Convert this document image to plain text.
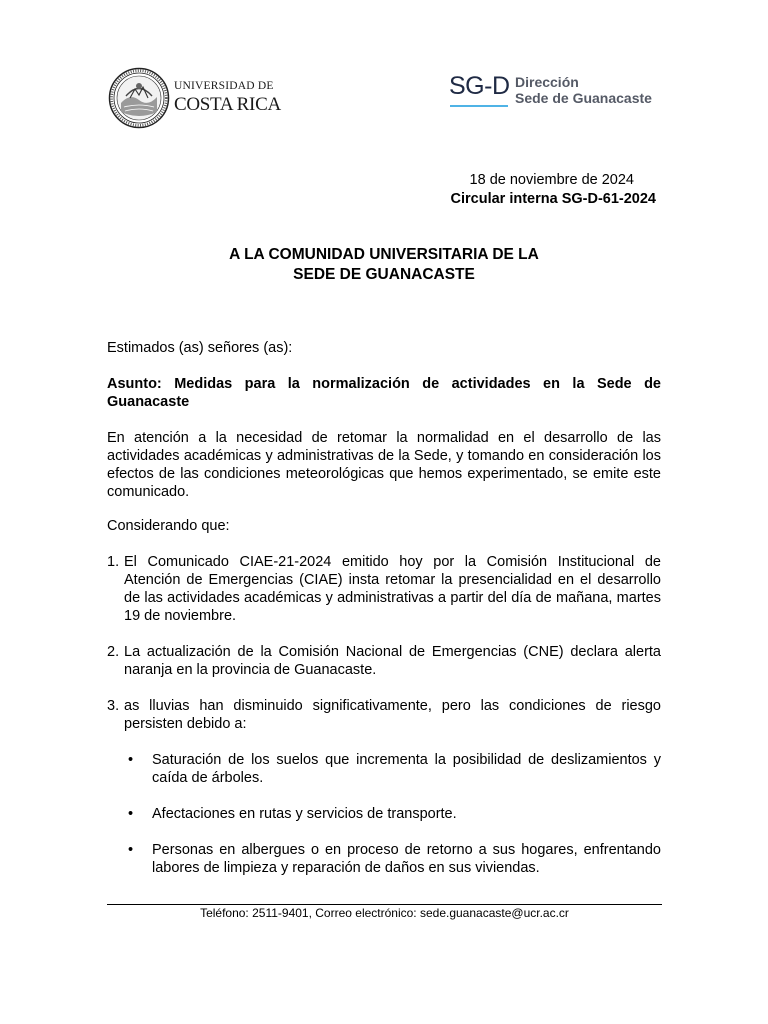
UNIVERSIDAD DE
COSTA RICA
SG-D Dirección
Sede de Guanacaste
18 de noviembre de 2024
Circular interna SG-D-61-2024
A LA COMUNIDAD UNIVERSITARIA DE LA
SEDE DE GUANACASTE
Estimados (as) señores (as):
Asunto: Medidas para la normalización de actividades en la Sede de Guanacaste
En atención a la necesidad de retomar la normalidad en el desarrollo de las actividades académicas y administrativas de la Sede, y tomando en consideración los efectos de las condiciones meteorológicas que hemos experimentado, se emite este comunicado.
Considerando que:
1. El Comunicado CIAE-21-2024 emitido hoy por la Comisión Institucional de Atención de Emergencias (CIAE) insta retomar la presencialidad en el desarrollo de las actividades académicas y administrativas a partir del día de mañana, martes 19 de noviembre.
2. La actualización de la Comisión Nacional de Emergencias (CNE) declara alerta naranja en la provincia de Guanacaste.
3. as lluvias han disminuido significativamente, pero las condiciones de riesgo persisten debido a:
• Saturación de los suelos que incrementa la posibilidad de deslizamientos y caída de árboles.
• Afectaciones en rutas y servicios de transporte.
• Personas en albergues o en proceso de retorno a sus hogares, enfrentando labores de limpieza y reparación de daños en sus viviendas.
Teléfono: 2511-9401, Correo electrónico: sede.guanacaste@ucr.ac.cr
